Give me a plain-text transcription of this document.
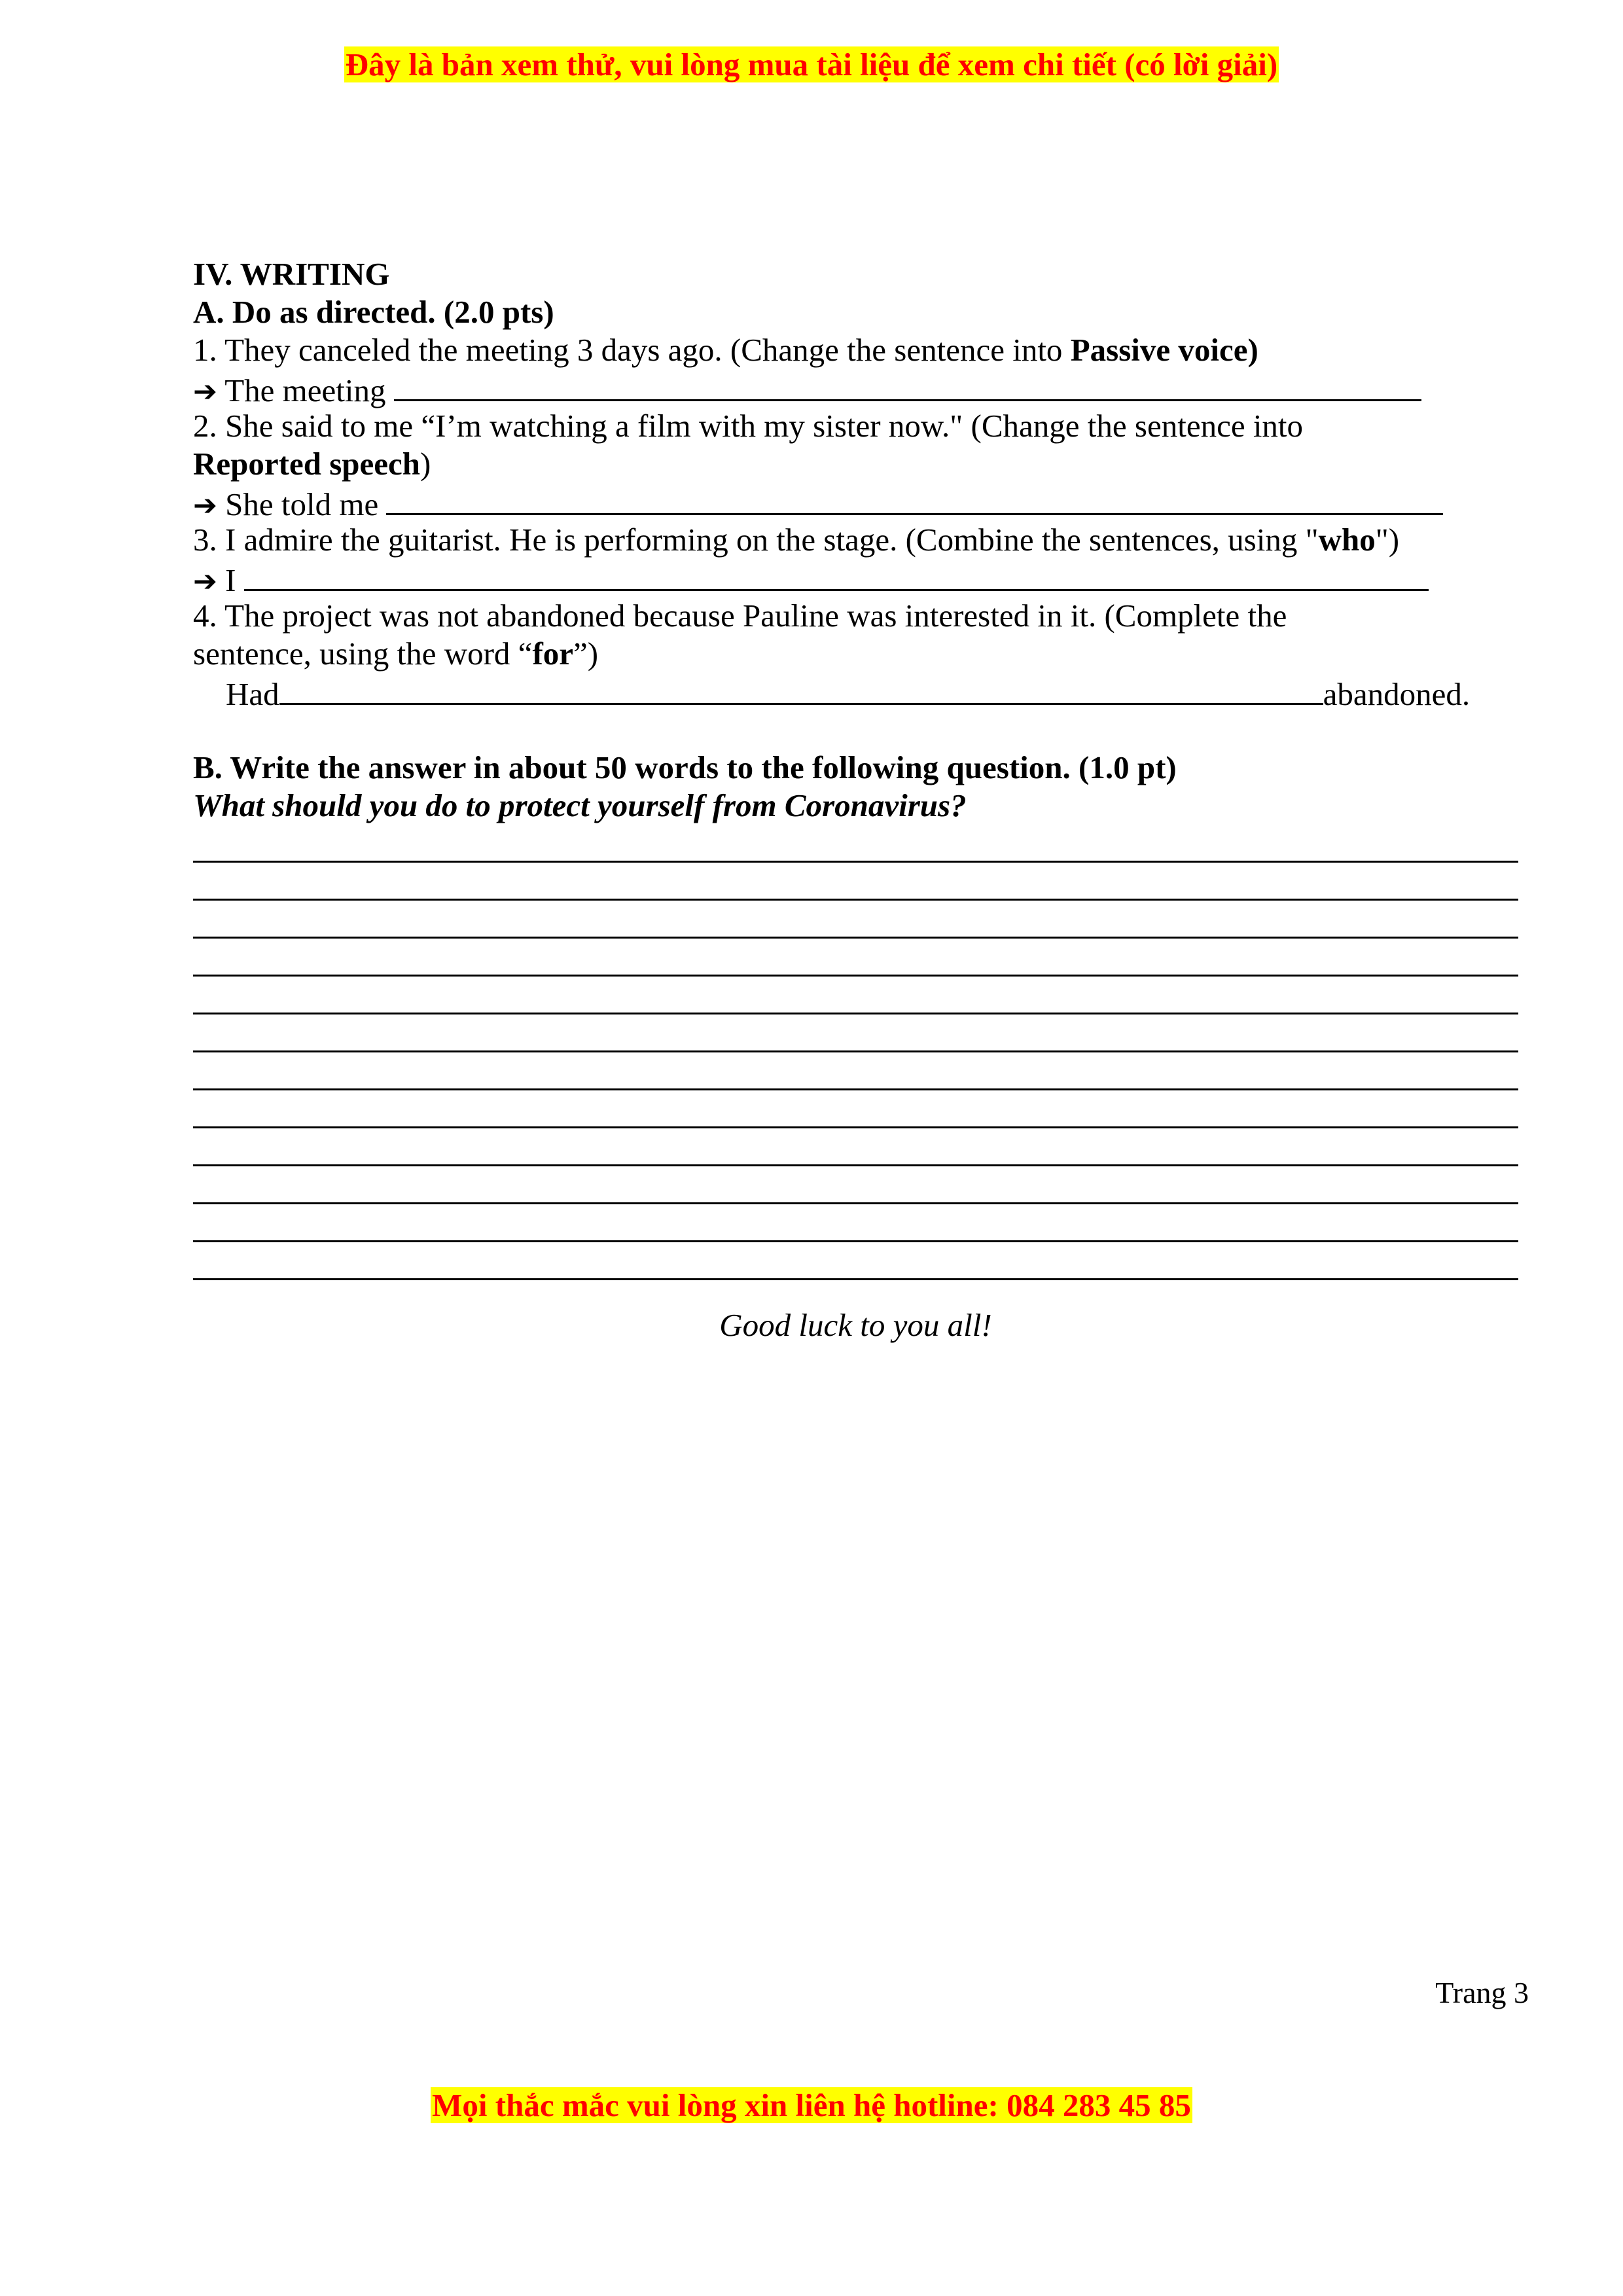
Đây là bản xem thử, vui lòng mua tài liệu để xem chi tiết (có lời giải)
IV. WRITING
A. Do as directed. (2.0 pts)
1. They canceled the meeting 3 days ago. (Change the sentence into Passive voice)
➔ The meeting
2. She said to me “I’m watching a film with my sister now." (Change the sentence into
Reported speech)
➔ She told me
3. I admire the guitarist. He is performing on the stage. (Combine the sentences, using "who")
➔ I
4. The project was not abandoned because Pauline was interested in it. (Complete the
sentence, using the word “for”)
Had	abandoned.
B. Write the answer in about 50 words to the following question. (1.0 pt)
What should you do to protect yourself from Coronavirus?
Good luck to you all!
Trang 3
Mọi thắc mắc vui lòng xin liên hệ hotline: 084 283 45 85
